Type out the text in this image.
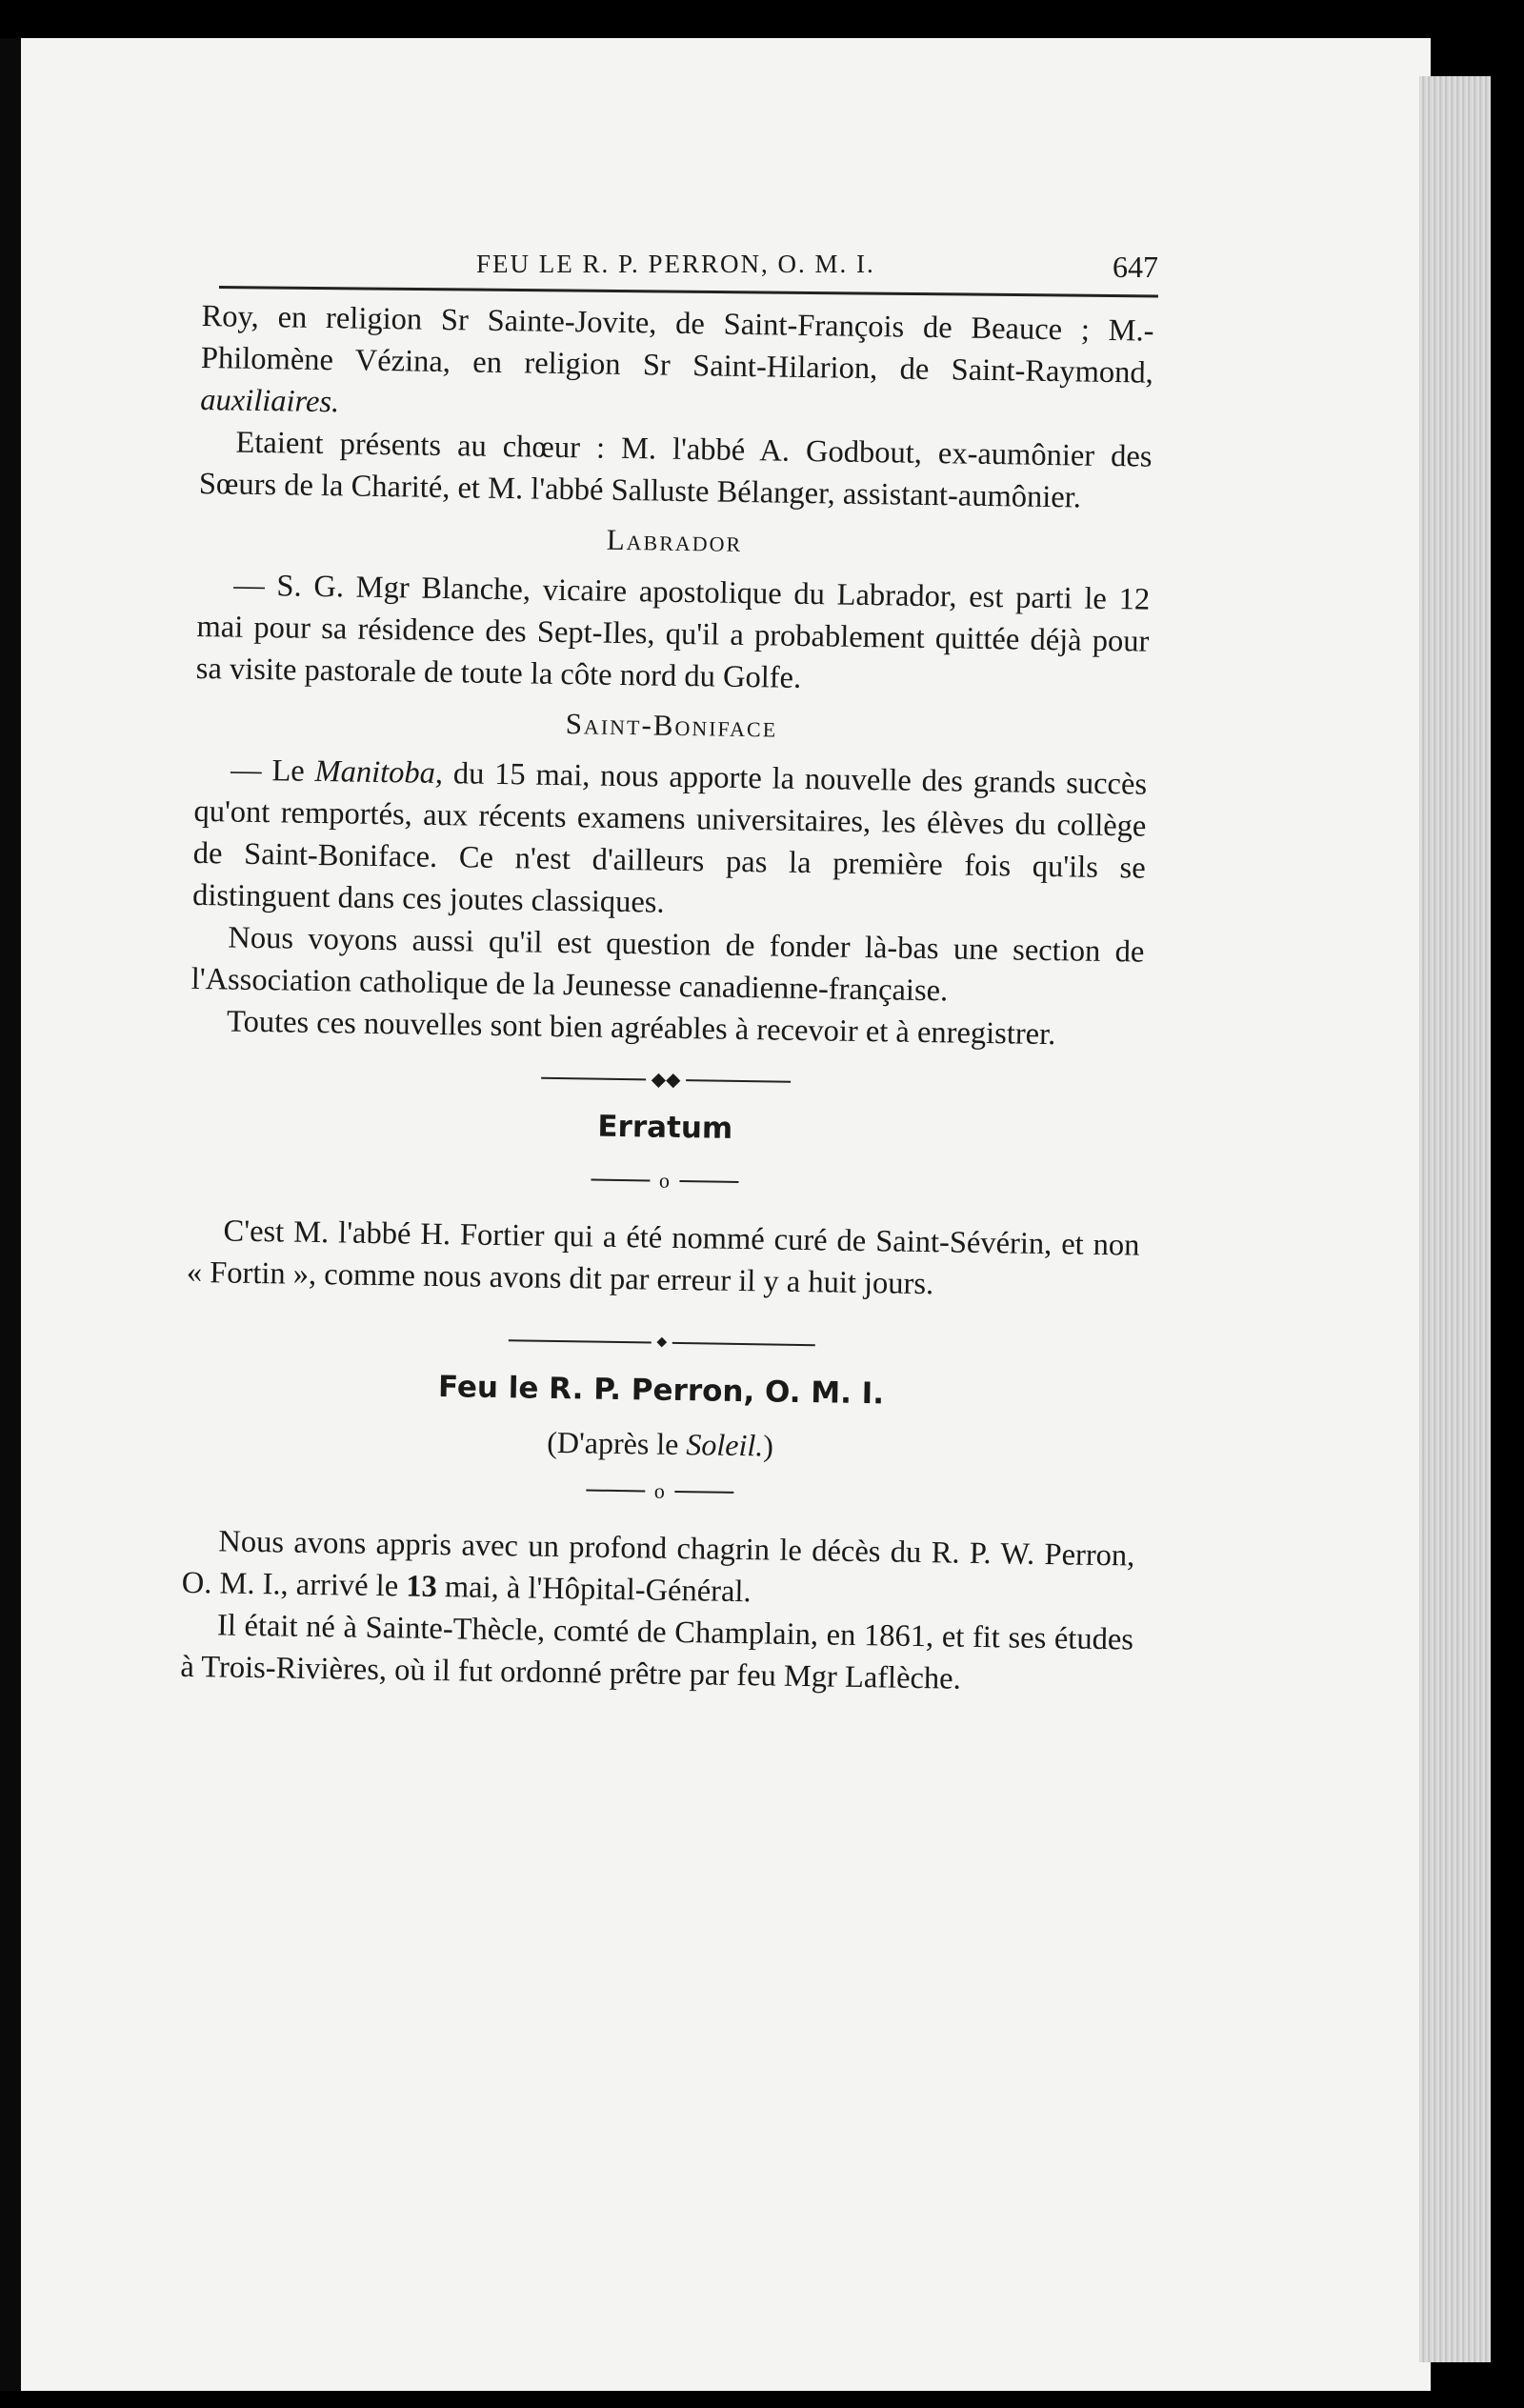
FEU LE R. P. PERRON, O. M. I.	647

Roy, en religion Sr Sainte-Jovite, de Saint-François de Beauce ; M.-Philomène Vézina, en religion Sr Saint-Hilarion, de Saint-Raymond, auxiliaires.

Etaient présents au chœur : M. l'abbé A. Godbout, ex-aumônier des Sœurs de la Charité, et M. l'abbé Salluste Bélanger, assistant-aumônier.

Labrador

— S. G. Mgr Blanche, vicaire apostolique du Labrador, est parti le 12 mai pour sa résidence des Sept-Iles, qu'il a probablement quittée déjà pour sa visite pastorale de toute la côte nord du Golfe.

Saint-Boniface

— Le Manitoba, du 15 mai, nous apporte la nouvelle des grands succès qu'ont remportés, aux récents examens universitaires, les élèves du collège de Saint-Boniface. Ce n'est d'ailleurs pas la première fois qu'ils se distinguent dans ces joutes classiques.

Nous voyons aussi qu'il est question de fonder là-bas une section de l'Association catholique de la Jeunesse canadienne-française.

Toutes ces nouvelles sont bien agréables à recevoir et à enregistrer.

◆◆
Erratum
o

C'est M. l'abbé H. Fortier qui a été nommé curé de Saint-Sévérin, et non « Fortin », comme nous avons dit par erreur il y a huit jours.

◆
Feu le R. P. Perron, O. M. I.
(D'après le Soleil.)
o

Nous avons appris avec un profond chagrin le décès du R. P. W. Perron, O. M. I., arrivé le 13 mai, à l'Hôpital-Général.

Il était né à Sainte-Thècle, comté de Champlain, en 1861, et fit ses études à Trois-Rivières, où il fut ordonné prêtre par feu Mgr Laflèche.
